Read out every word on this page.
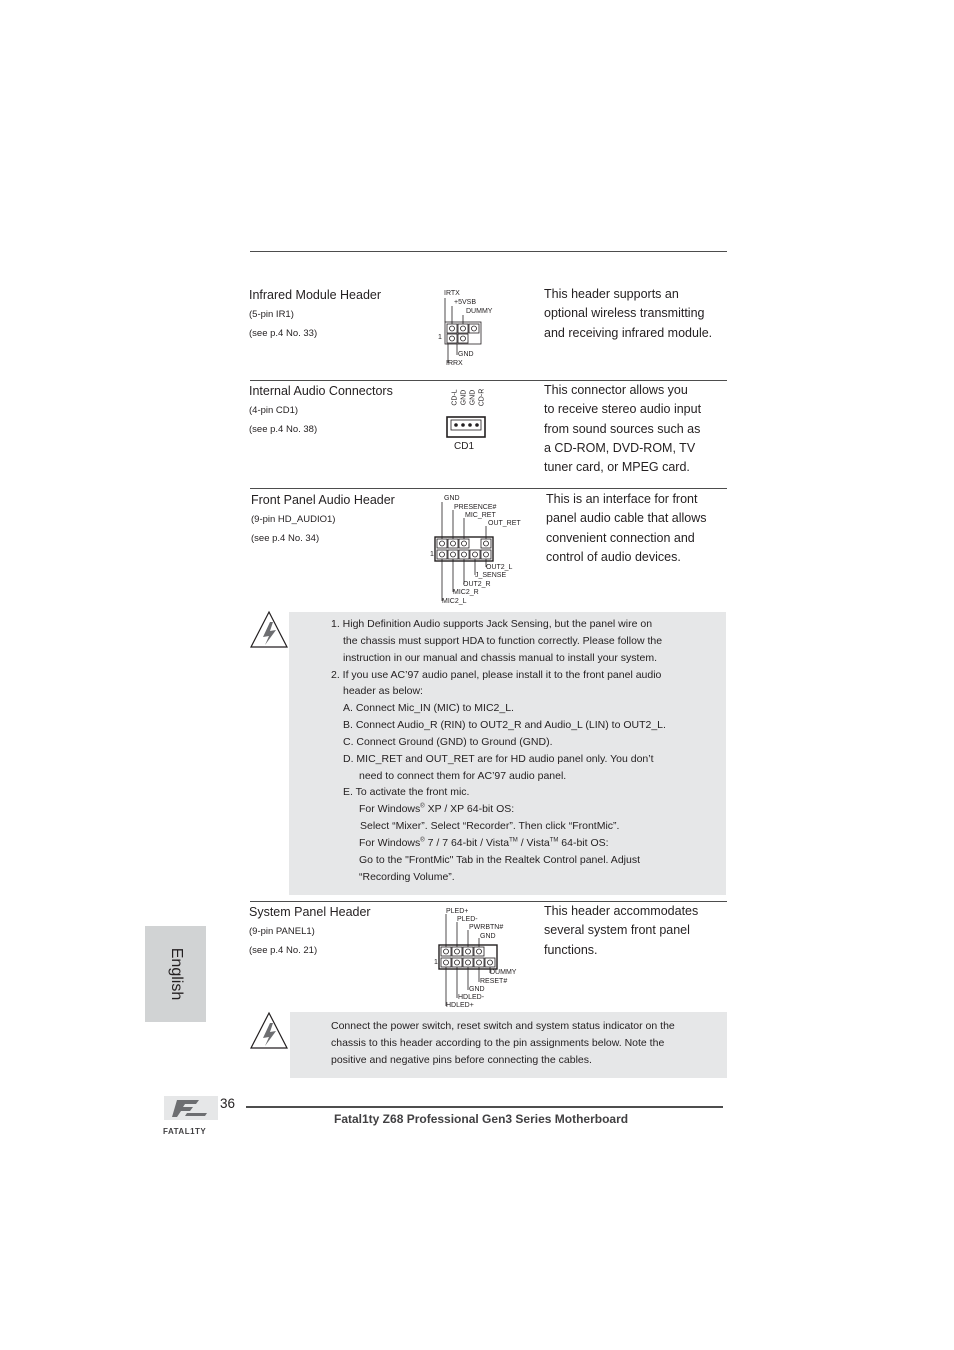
Infrared Module Header
(5-pin IR1)
(see p.4 No. 33)
This header supports an
optional wireless transmitting
and receiving infrared module.
IRTX
+5VSB
DUMMY
GND
IRRX
1
Internal Audio Connectors
(4-pin CD1)
(see p.4 No. 38)
This connector allows you
to receive stereo audio input
from sound sources such as
a CD-ROM, DVD-ROM, TV
tuner card, or MPEG card.
CD-L GND GND CD-R
CD1
Front Panel Audio Header
(9-pin HD_AUDIO1)
(see p.4 No. 34)
This is an interface for front
panel audio cable that allows
convenient connection and
control of audio devices.
GND
PRESENCE#
MIC_RET
OUT_RET
OUT2_L
J_SENSE
OUT2_R
MIC2_R
MIC2_L
1
1. High Definition Audio supports Jack Sensing, but the panel wire on
the chassis must support HDA to function correctly. Please follow the
instruction in our manual and chassis manual to install your system.
2. If you use AC’97 audio panel, please install it to the front panel audio
header as below:
A. Connect Mic_IN (MIC) to MIC2_L.
B. Connect Audio_R (RIN) to OUT2_R and Audio_L (LIN) to OUT2_L.
C. Connect Ground (GND) to Ground (GND).
D. MIC_RET and OUT_RET are for HD audio panel only. You don’t
need to connect them for AC’97 audio panel.
E. To activate the front mic.
For Windows® XP / XP 64-bit OS:
Select “Mixer”. Select “Recorder”. Then click “FrontMic”.
For Windows® 7 / 7 64-bit / Vista™ / Vista™ 64-bit OS:
Go to the "FrontMic" Tab in the Realtek Control panel. Adjust
“Recording Volume”.
System Panel Header
(9-pin PANEL1)
(see p.4 No. 21)
This header accommodates
several system front panel
functions.
PLED+
PLED-
PWRBTN#
GND
DUMMY
RESET#
GND
HDLED-
HDLED+
1
Connect the power switch, reset switch and system status indicator on the
chassis to this header according to the pin assignments below. Note the
positive and negative pins before connecting the cables.
English
FATAL1TY
36
Fatal1ty Z68 Professional Gen3 Series Motherboard
